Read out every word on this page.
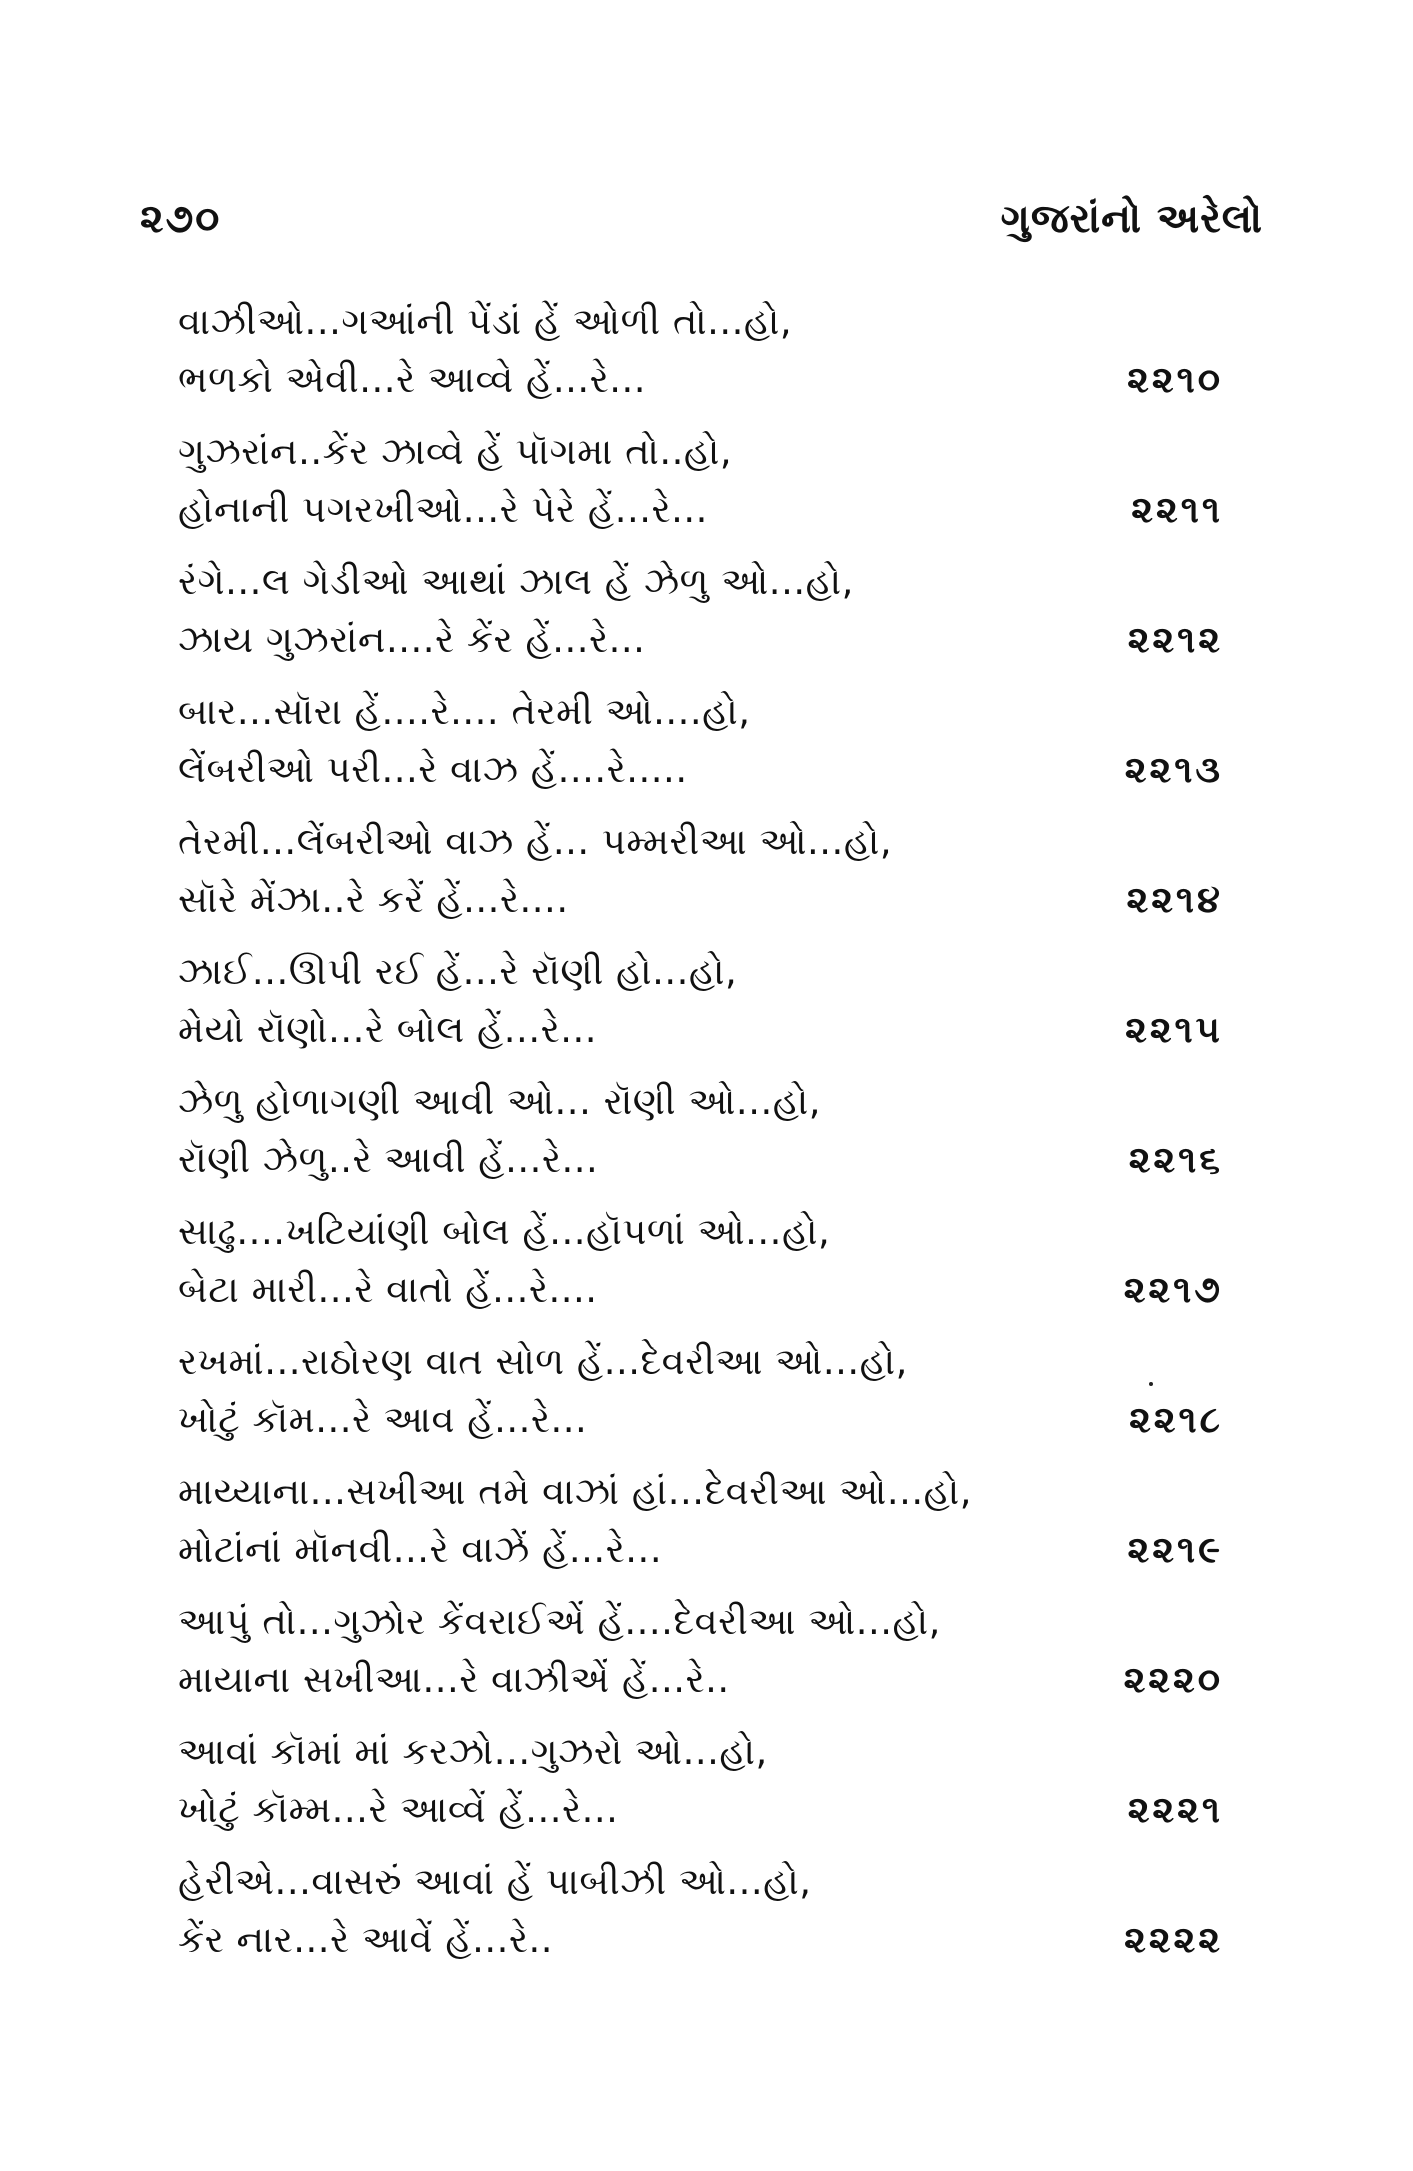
૨૭૦	ગુજરાંનો અરેલો
વાઝીઓ...ગઆંની પેંડાં હેં ઓળી તો...હો,
ભળકો એવી...રે આવ્વે હેં...રે...	૨૨૧૦
ગુઝરાંન..કેંર ઝાવ્વે હેં પૉગમા તો..હો,
હોનાની પગરખીઓ...રે પેરે હેં...રે...	૨૨૧૧
રંગે...લ ગેડીઓ આથાં ઝાલ હેં ઝેળુ ઓ...હો,
ઝાય ગુઝરાંન....રે કેંર હેં...રે...	૨૨૧૨
બાર...સૉરા હેં....રે.... તેરમી ઓ....હો,
લેંબરીઓ પરી...રે વાઝ હેં....રે.....	૨૨૧૩
તેરમી...લેંબરીઓ વાઝ હેં... પમ્મરીઆ ઓ...હો,
સૉરે મેંઝા..રે કરેં હેં...રે....	૨૨૧૪
ઝાઈ...ઊપી રઈ હેં...રે રૉણી હો...હો,
મેયો રૉણો...રે બોલ હેં...રે...	૨૨૧૫
ઝેળુ હોળાગણી આવી ઓ... રૉણી ઓ...હો,
રૉણી ઝેળુ..રે આવી હેં...રે...	૨૨૧૬
સાઢુ....ખટિયાંણી બોલ હેં...હૉપળાં ઓ...હો,
બેટા મારી...રે વાતો હેં...રે....	૨૨૧૭
રખમાં...રાઠોરણ વાત સોળ હેં...દેવરીઆ ઓ...હો,
ખોટું કૉમ...રે આવ હેં...રે...	૨૨૧૮
માય્યાના...સખીઆ તમે વાઝાં હાં...દેવરીઆ ઓ...હો,
મોટાંનાં મૉનવી...રે વાઝેં હેં...રે...	૨૨૧૯
આપું તો...ગુઝોર કેંવરાઈએં હેં....દેવરીઆ ઓ...હો,
માયાના સખીઆ...રે વાઝીએં હેં...રે..	૨૨૨૦
આવાં કૉમાં માં કરઝો...ગુઝરો ઓ...હો,
ખોટું કૉમ્મ...રે આવ્વેં હેં...રે...	૨૨૨૧
હેરીએ...વાસરું આવાં હેં પાબીઝી ઓ...હો,
કેંર નાર...રે આવેં હેં...રે..	૨૨૨૨
